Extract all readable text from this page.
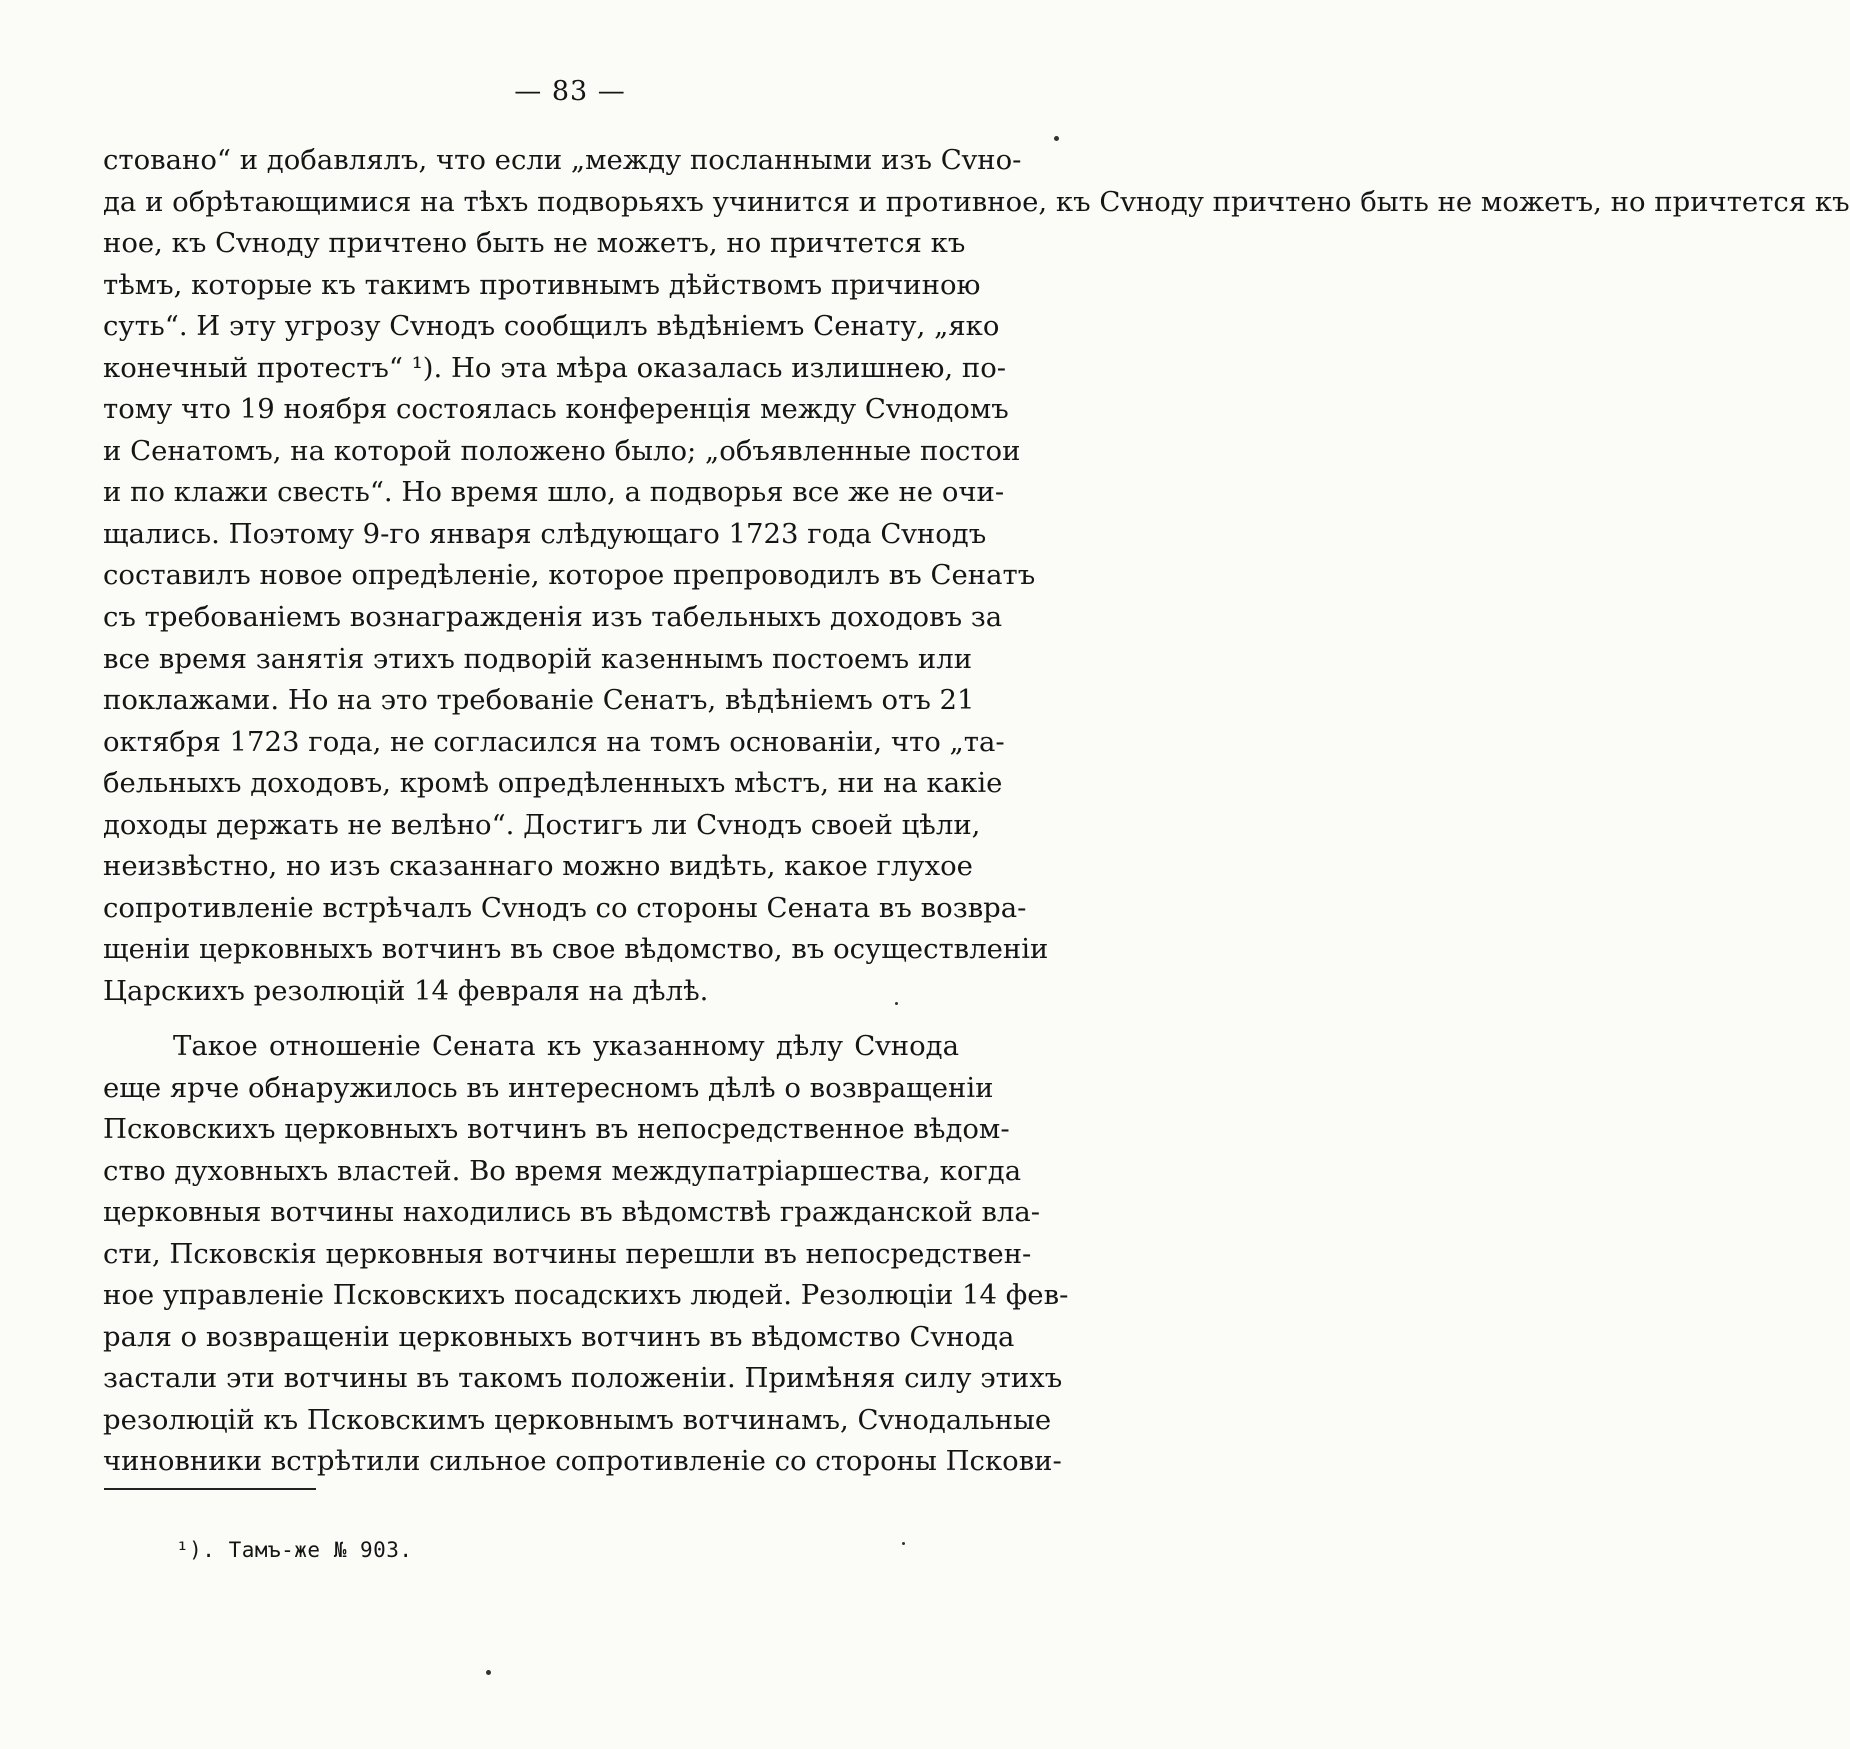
— 83 —
стовано“ и добавлялъ, что если „между посланными изъ Сvно-
да и обрѣтающимися на тѣхъ подворьяхъ учинится и противное, къ Сvноду причтено быть не можетъ, но причтется къ
ное, къ Сvноду причтено быть не можетъ, но причтется къ
тѣмъ, которые къ такимъ противнымъ дѣйствомъ причиною
суть“. И эту угрозу Сvнодъ сообщилъ вѣдѣніемъ Сенату, „яко
конечный протестъ“ ¹). Но эта мѣра оказалась излишнею, по-
тому что 19 ноября состоялась конференція между Сvнодомъ
и Сенатомъ, на которой положено было; „объявленные постои
и по клажи свесть“. Но время шло, а подворья все же не очи-
щались. Поэтому 9-го января слѣдующаго 1723 года Сvнодъ
составилъ новое опредѣленіе, которое препроводилъ въ Сенатъ
съ требованіемъ вознагражденія изъ табельныхъ доходовъ за
все время занятія этихъ подворій казеннымъ постоемъ или
поклажами. Но на это требованіе Сенатъ, вѣдѣніемъ отъ 21
октября 1723 года, не согласился на томъ основаніи, что „та-
бельныхъ доходовъ, кромѣ опредѣленныхъ мѣстъ, ни на какіе
доходы держать не велѣно“. Достигъ ли Сvнодъ своей цѣли,
неизвѣстно, но изъ сказаннаго можно видѣть, какое глухое
сопротивленіе встрѣчалъ Сvнодъ со стороны Сената въ возвра-
щеніи церковныхъ вотчинъ въ свое вѣдомство, въ осуществленіи
Царскихъ резолюцій 14 февраля на дѣлѣ.
Такое отношеніе Сената къ указанному дѣлу Сvнода
еще ярче обнаружилось въ интересномъ дѣлѣ о возвращеніи
Псковскихъ церковныхъ вотчинъ въ непосредственное вѣдом-
ство духовныхъ властей. Во время междупатріаршества, когда
церковныя вотчины находились въ вѣдомствѣ гражданской вла-
сти, Псковскія церковныя вотчины перешли въ непосредствен-
ное управленіе Псковскихъ посадскихъ людей. Резолюціи 14 фев-
раля о возвращеніи церковныхъ вотчинъ въ вѣдомство Сvнода
застали эти вотчины въ такомъ положеніи. Примѣняя силу этихъ
резолюцій къ Псковскимъ церковнымъ вотчинамъ, Сvнодальные
чиновники встрѣтили сильное сопротивленіе со стороны Пскови-
¹). Тамъ-же № 903.
